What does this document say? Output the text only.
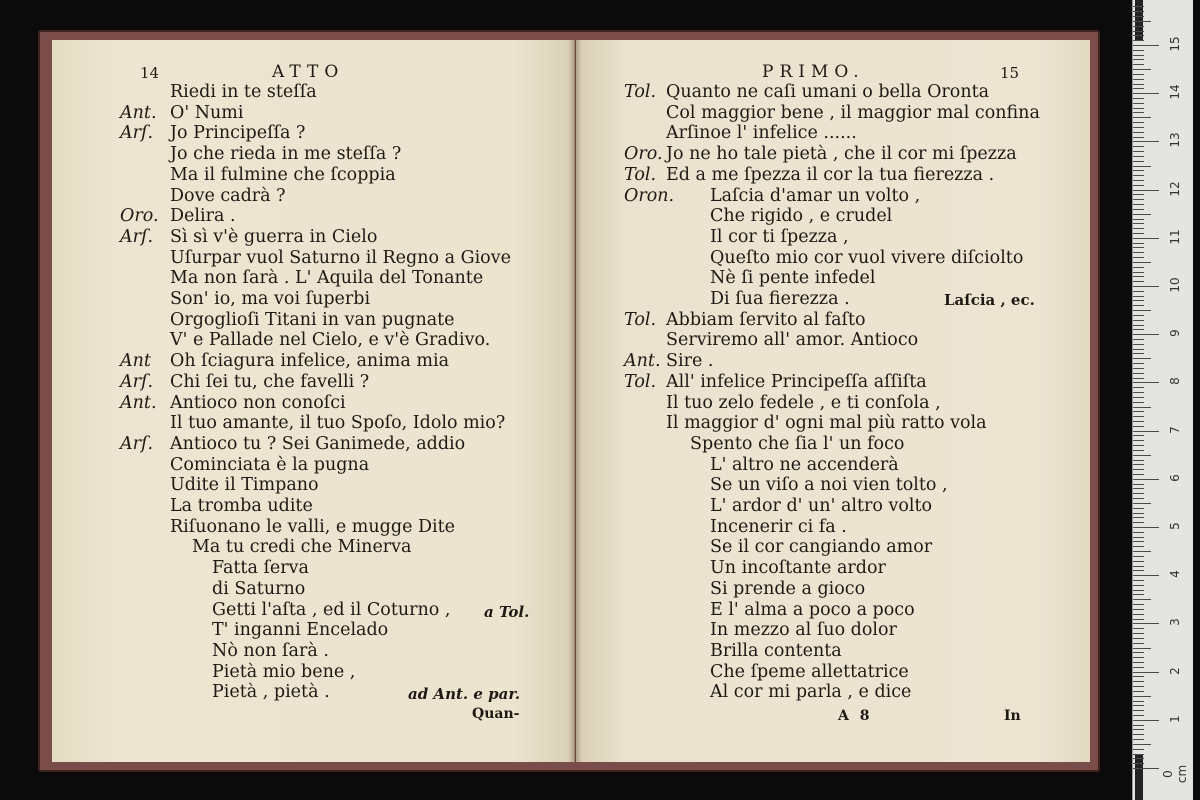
14	ATTO
Riedi in te steſſa
Ant. O' Numi
Arſ. Jo Principeſſa ?
Jo che rieda in me steſſa ?
Ma il fulmine che ſcoppia
Dove cadrà ?
Oro. Delira .
Arſ. Sì sì v'è guerra in Cielo
Uſurpar vuol Saturno il Regno a Giove
Ma non ſarà . L' Aquila del Tonante
Son' io, ma voi ſuperbi
Orgoglioſi Titani in van pugnate
V' e Pallade nel Cielo, e v'è Gradivo.
Ant Oh ſciagura infelice, anima mia
Arſ. Chi ſei tu, che favelli ?
Ant. Antioco non conoſci
Il tuo amante, il tuo Spoſo, Idolo mio?
Arſ. Antioco tu ? Sei Ganimede, addio
Cominciata è la pugna
Udite il Timpano
La tromba udite
Riſuonano le valli, e mugge Dite
Ma tu credi che Minerva
Fatta ſerva
di Saturno
Getti l'aſta , ed il Coturno ,
T' inganni Encelado
Nò non ſarà .
Pietà mio bene ,
Pietà , pietà .
a Tol.
ad Ant. e par.
Quan-
PRIMO.	15
Tol. Quanto ne caſi umani o bella Oronta
Col maggior bene , il maggior mal confina
Arſinoe l' infelice ......
Oro. Jo ne ho tale pietà , che il cor mi ſpezza
Tol. Ed a me ſpezza il cor la tua fierezza .
Oron. Laſcia d'amar un volto ,
Che rigido , e crudel
Il cor ti ſpezza ,
Queſto mio cor vuol vivere diſciolto
Nè ſi pente infedel
Di ſua fierezza .
Tol. Abbiam ſervito al faſto
Serviremo all' amor. Antioco
Ant. Sire .
Tol. All' infelice Principeſſa aſſiſta
Il tuo zelo fedele , e ti conſola ,
Il maggior d' ogni mal più ratto vola
Spento che ſia l' un foco
L' altro ne accenderà
Se un viſo a noi vien tolto ,
L' ardor d' un' altro volto
Incenerir ci fa .
Se il cor cangiando amor
Un incoſtante ardor
Si prende a gioco
E l' alma a poco a poco
In mezzo al ſuo dolor
Brilla contenta
Che ſpeme allettatrice
Al cor mi parla , e dice
Laſcia , ec.
A 8	In
0 cm
1
2
3
4
5
6
7
8
9
10
11
12
13
14
15
